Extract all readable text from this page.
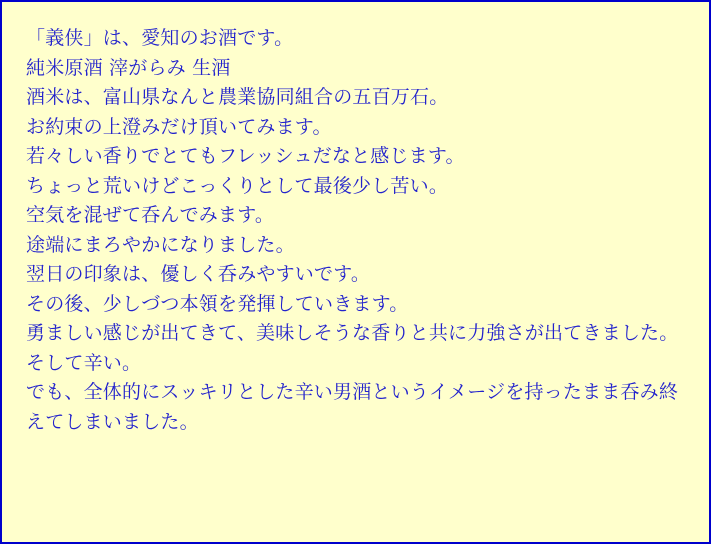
「義侠」は、愛知のお酒です。
純米原酒 滓がらみ 生酒
酒米は、富山県なんと農業協同組合の五百万石。
お約束の上澄みだけ頂いてみます。
若々しい香りでとてもフレッシュだなと感じます。
ちょっと荒いけどこっくりとして最後少し苦い。
空気を混ぜて呑んでみます。
途端にまろやかになりました。
翌日の印象は、優しく呑みやすいです。
その後、少しづつ本領を発揮していきます。
勇ましい感じが出てきて、美味しそうな香りと共に力強さが出てきました。
そして辛い。
でも、全体的にスッキリとした辛い男酒というイメージを持ったまま呑み終えてしまいました。
